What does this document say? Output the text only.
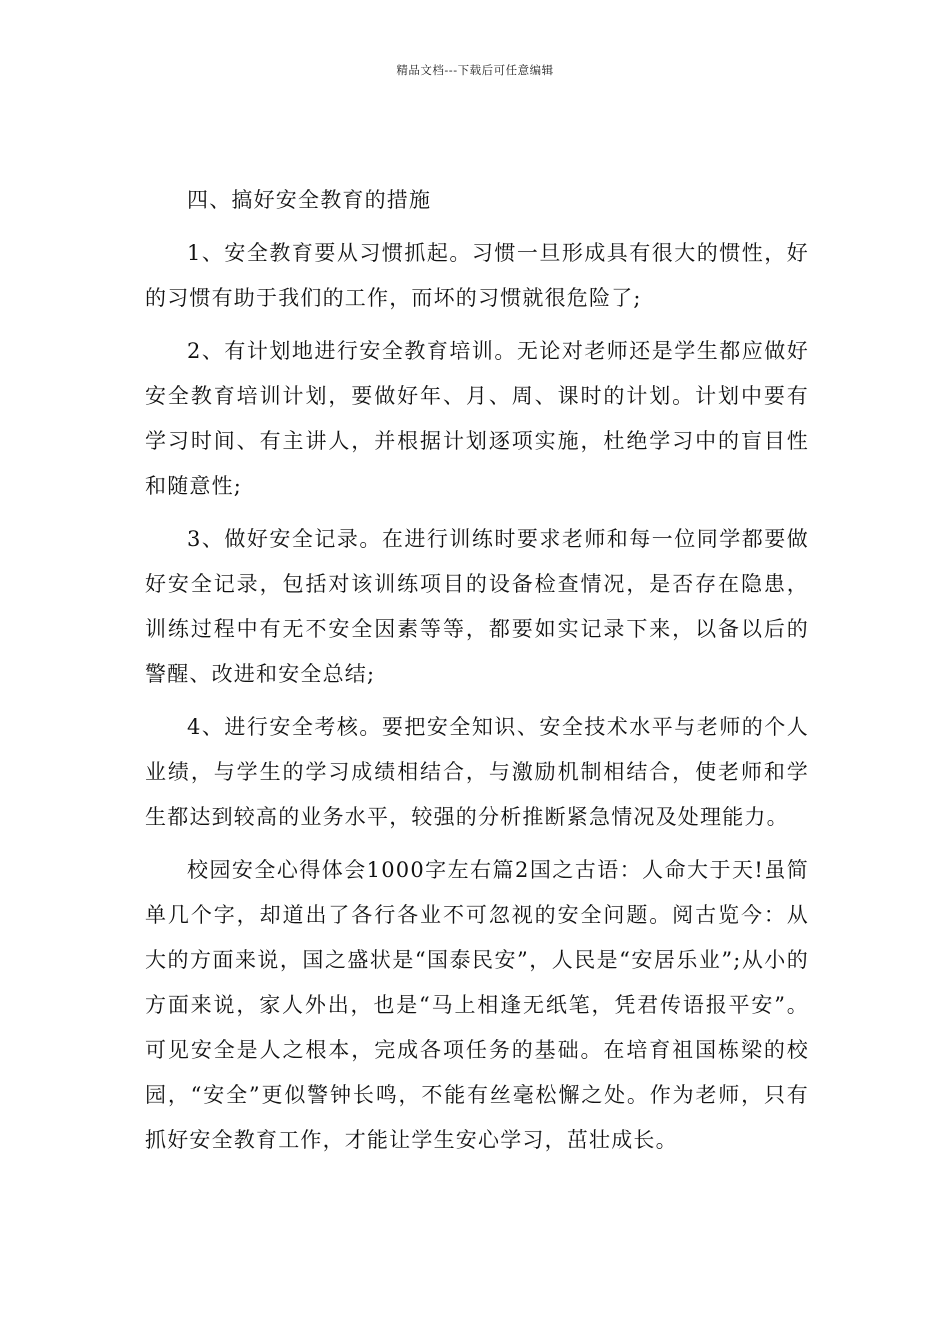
精品文档---下载后可任意编辑

四、搞好安全教育的措施

1、安全教育要从习惯抓起。习惯一旦形成具有很大的惯性，好的习惯有助于我们的工作，而坏的习惯就很危险了;

2、有计划地进行安全教育培训。无论对老师还是学生都应做好安全教育培训计划，要做好年、月、周、课时的计划。计划中要有学习时间、有主讲人，并根据计划逐项实施，杜绝学习中的盲目性和随意性;

3、做好安全记录。在进行训练时要求老师和每一位同学都要做好安全记录，包括对该训练项目的设备检查情况，是否存在隐患，训练过程中有无不安全因素等等，都要如实记录下来，以备以后的警醒、改进和安全总结;

4、进行安全考核。要把安全知识、安全技术水平与老师的个人业绩，与学生的学习成绩相结合，与激励机制相结合，使老师和学生都达到较高的业务水平，较强的分析推断紧急情况及处理能力。

校园安全心得体会1000字左右篇2国之古语：人命大于天!虽简单几个字，却道出了各行各业不可忽视的安全问题。阅古览今：从大的方面来说，国之盛状是“国泰民安”，人民是“安居乐业”;从小的方面来说，家人外出，也是“马上相逢无纸笔，凭君传语报平安”。可见安全是人之根本，完成各项任务的基础。在培育祖国栋梁的校园，“安全”更似警钟长鸣，不能有丝毫松懈之处。作为老师，只有抓好安全教育工作，才能让学生安心学习，茁壮成长。
